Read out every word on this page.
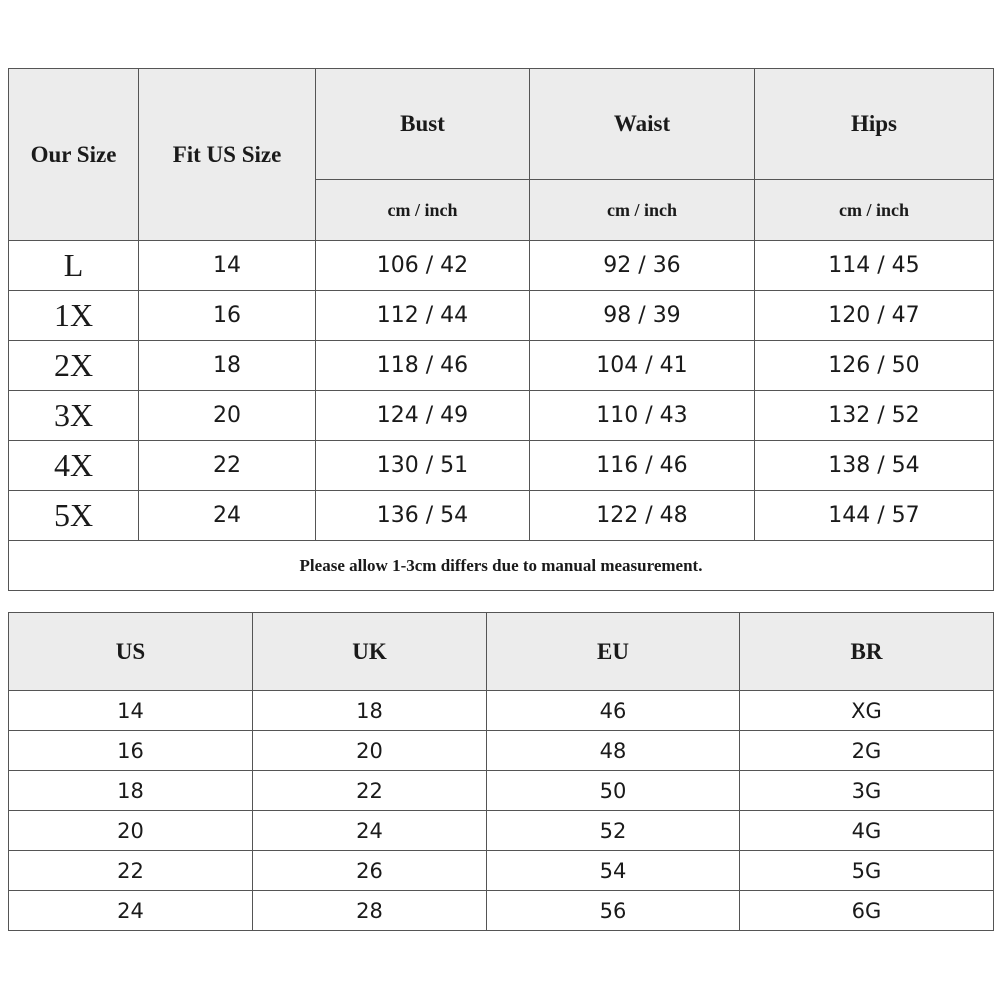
Our Size	Fit US Size	Bust	Waist	Hips
		cm / inch	cm / inch	cm / inch
L	14	106 / 42	92 / 36	114 / 45
1X	16	112 / 44	98 / 39	120 / 47
2X	18	118 / 46	104 / 41	126 / 50
3X	20	124 / 49	110 / 43	132 / 52
4X	22	130 / 51	116 / 46	138 / 54
5X	24	136 / 54	122 / 48	144 / 57
Please allow 1-3cm differs due to manual measurement.				
US	UK	EU	BR
14	18	46	XG
16	20	48	2G
18	22	50	3G
20	24	52	4G
22	26	54	5G
24	28	56	6G
